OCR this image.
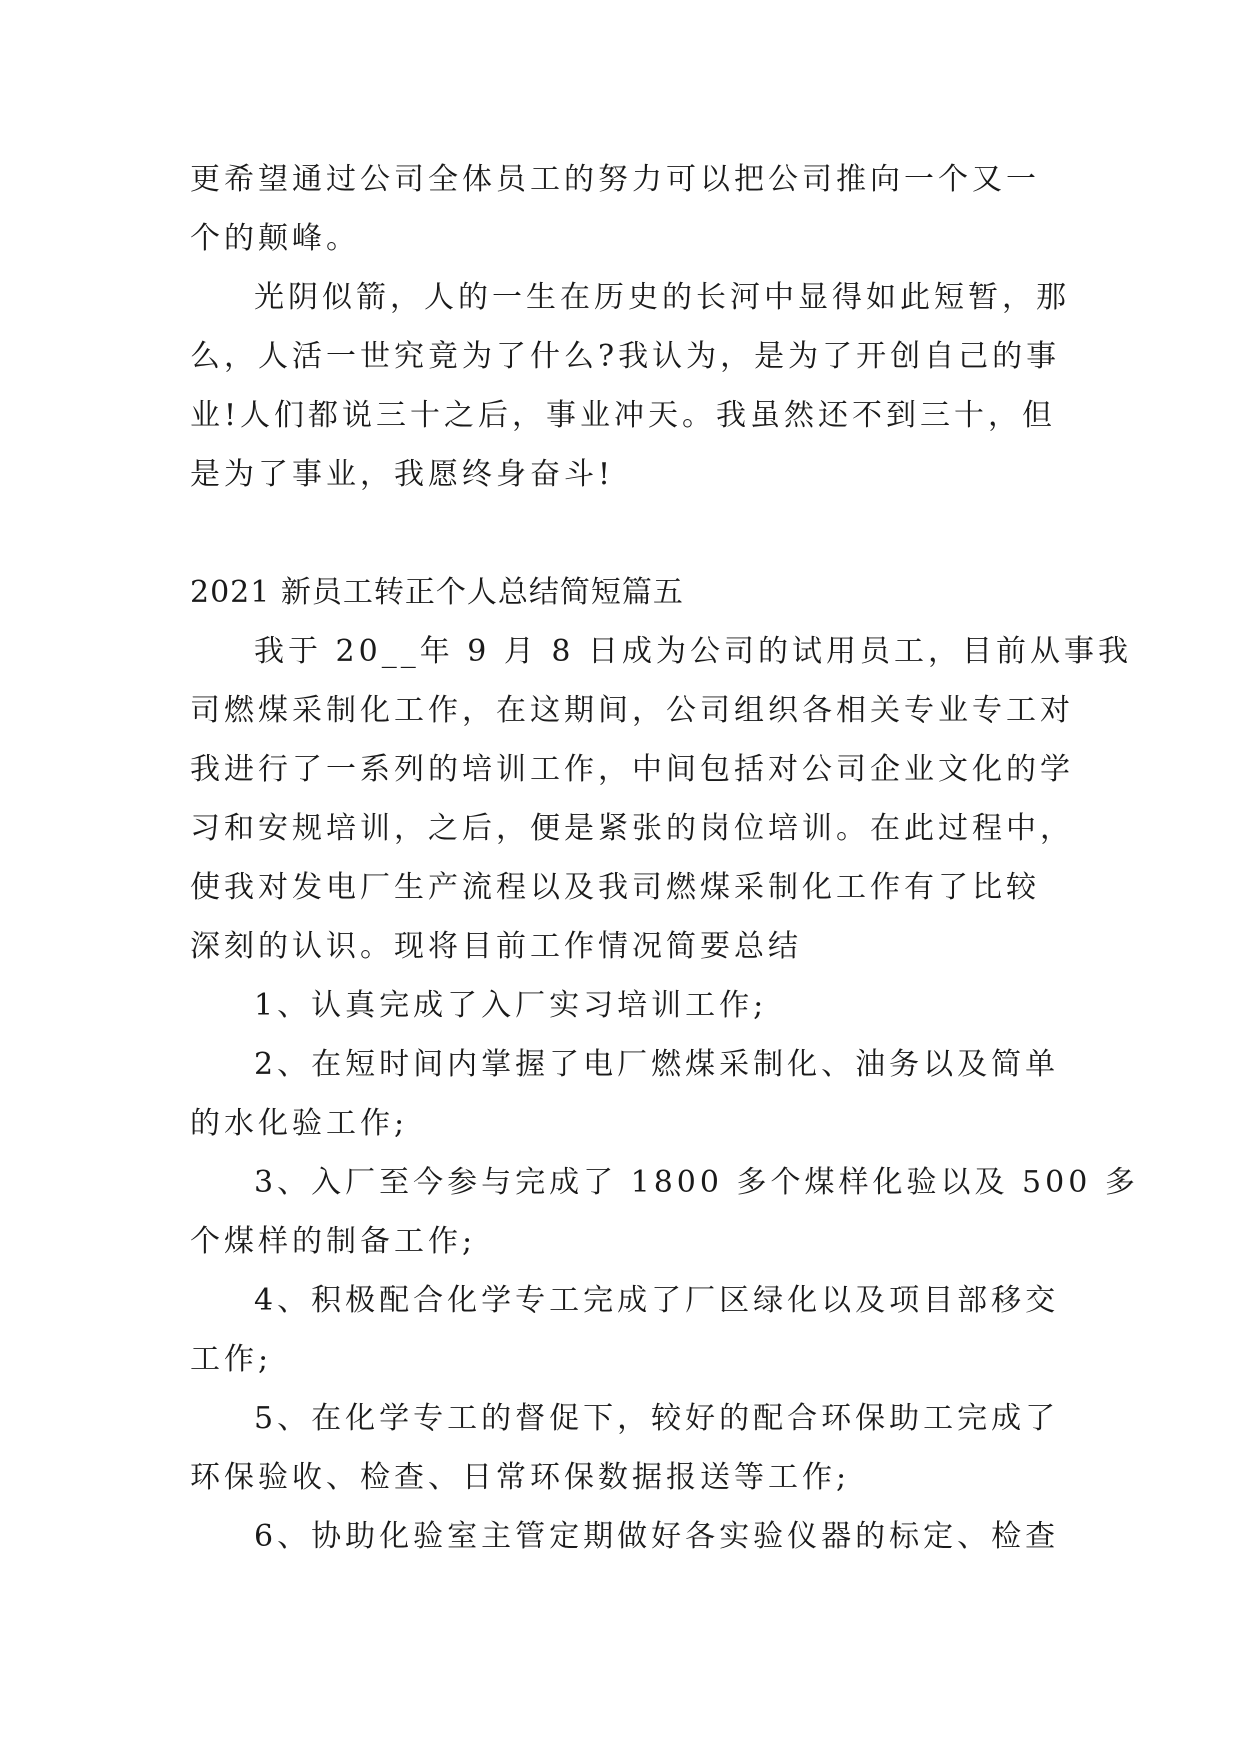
更希望通过公司全体员工的努力可以把公司推向一个又一
个的颠峰。
光阴似箭，人的一生在历史的长河中显得如此短暂，那
么，人活一世究竟为了什么?我认为，是为了开创自己的事
业!人们都说三十之后，事业冲天。我虽然还不到三十，但
是为了事业，我愿终身奋斗!
2021 新员工转正个人总结简短篇五
我于 20__年 9 月 8 日成为公司的试用员工，目前从事我
司燃煤采制化工作，在这期间，公司组织各相关专业专工对
我进行了一系列的培训工作，中间包括对公司企业文化的学
习和安规培训，之后，便是紧张的岗位培训。在此过程中，
使我对发电厂生产流程以及我司燃煤采制化工作有了比较
深刻的认识。现将目前工作情况简要总结
1、认真完成了入厂实习培训工作;
2、在短时间内掌握了电厂燃煤采制化、油务以及简单
的水化验工作;
3、入厂至今参与完成了 1800 多个煤样化验以及 500 多
个煤样的制备工作;
4、积极配合化学专工完成了厂区绿化以及项目部移交
工作;
5、在化学专工的督促下，较好的配合环保助工完成了
环保验收、检查、日常环保数据报送等工作;
6、协助化验室主管定期做好各实验仪器的标定、检查
